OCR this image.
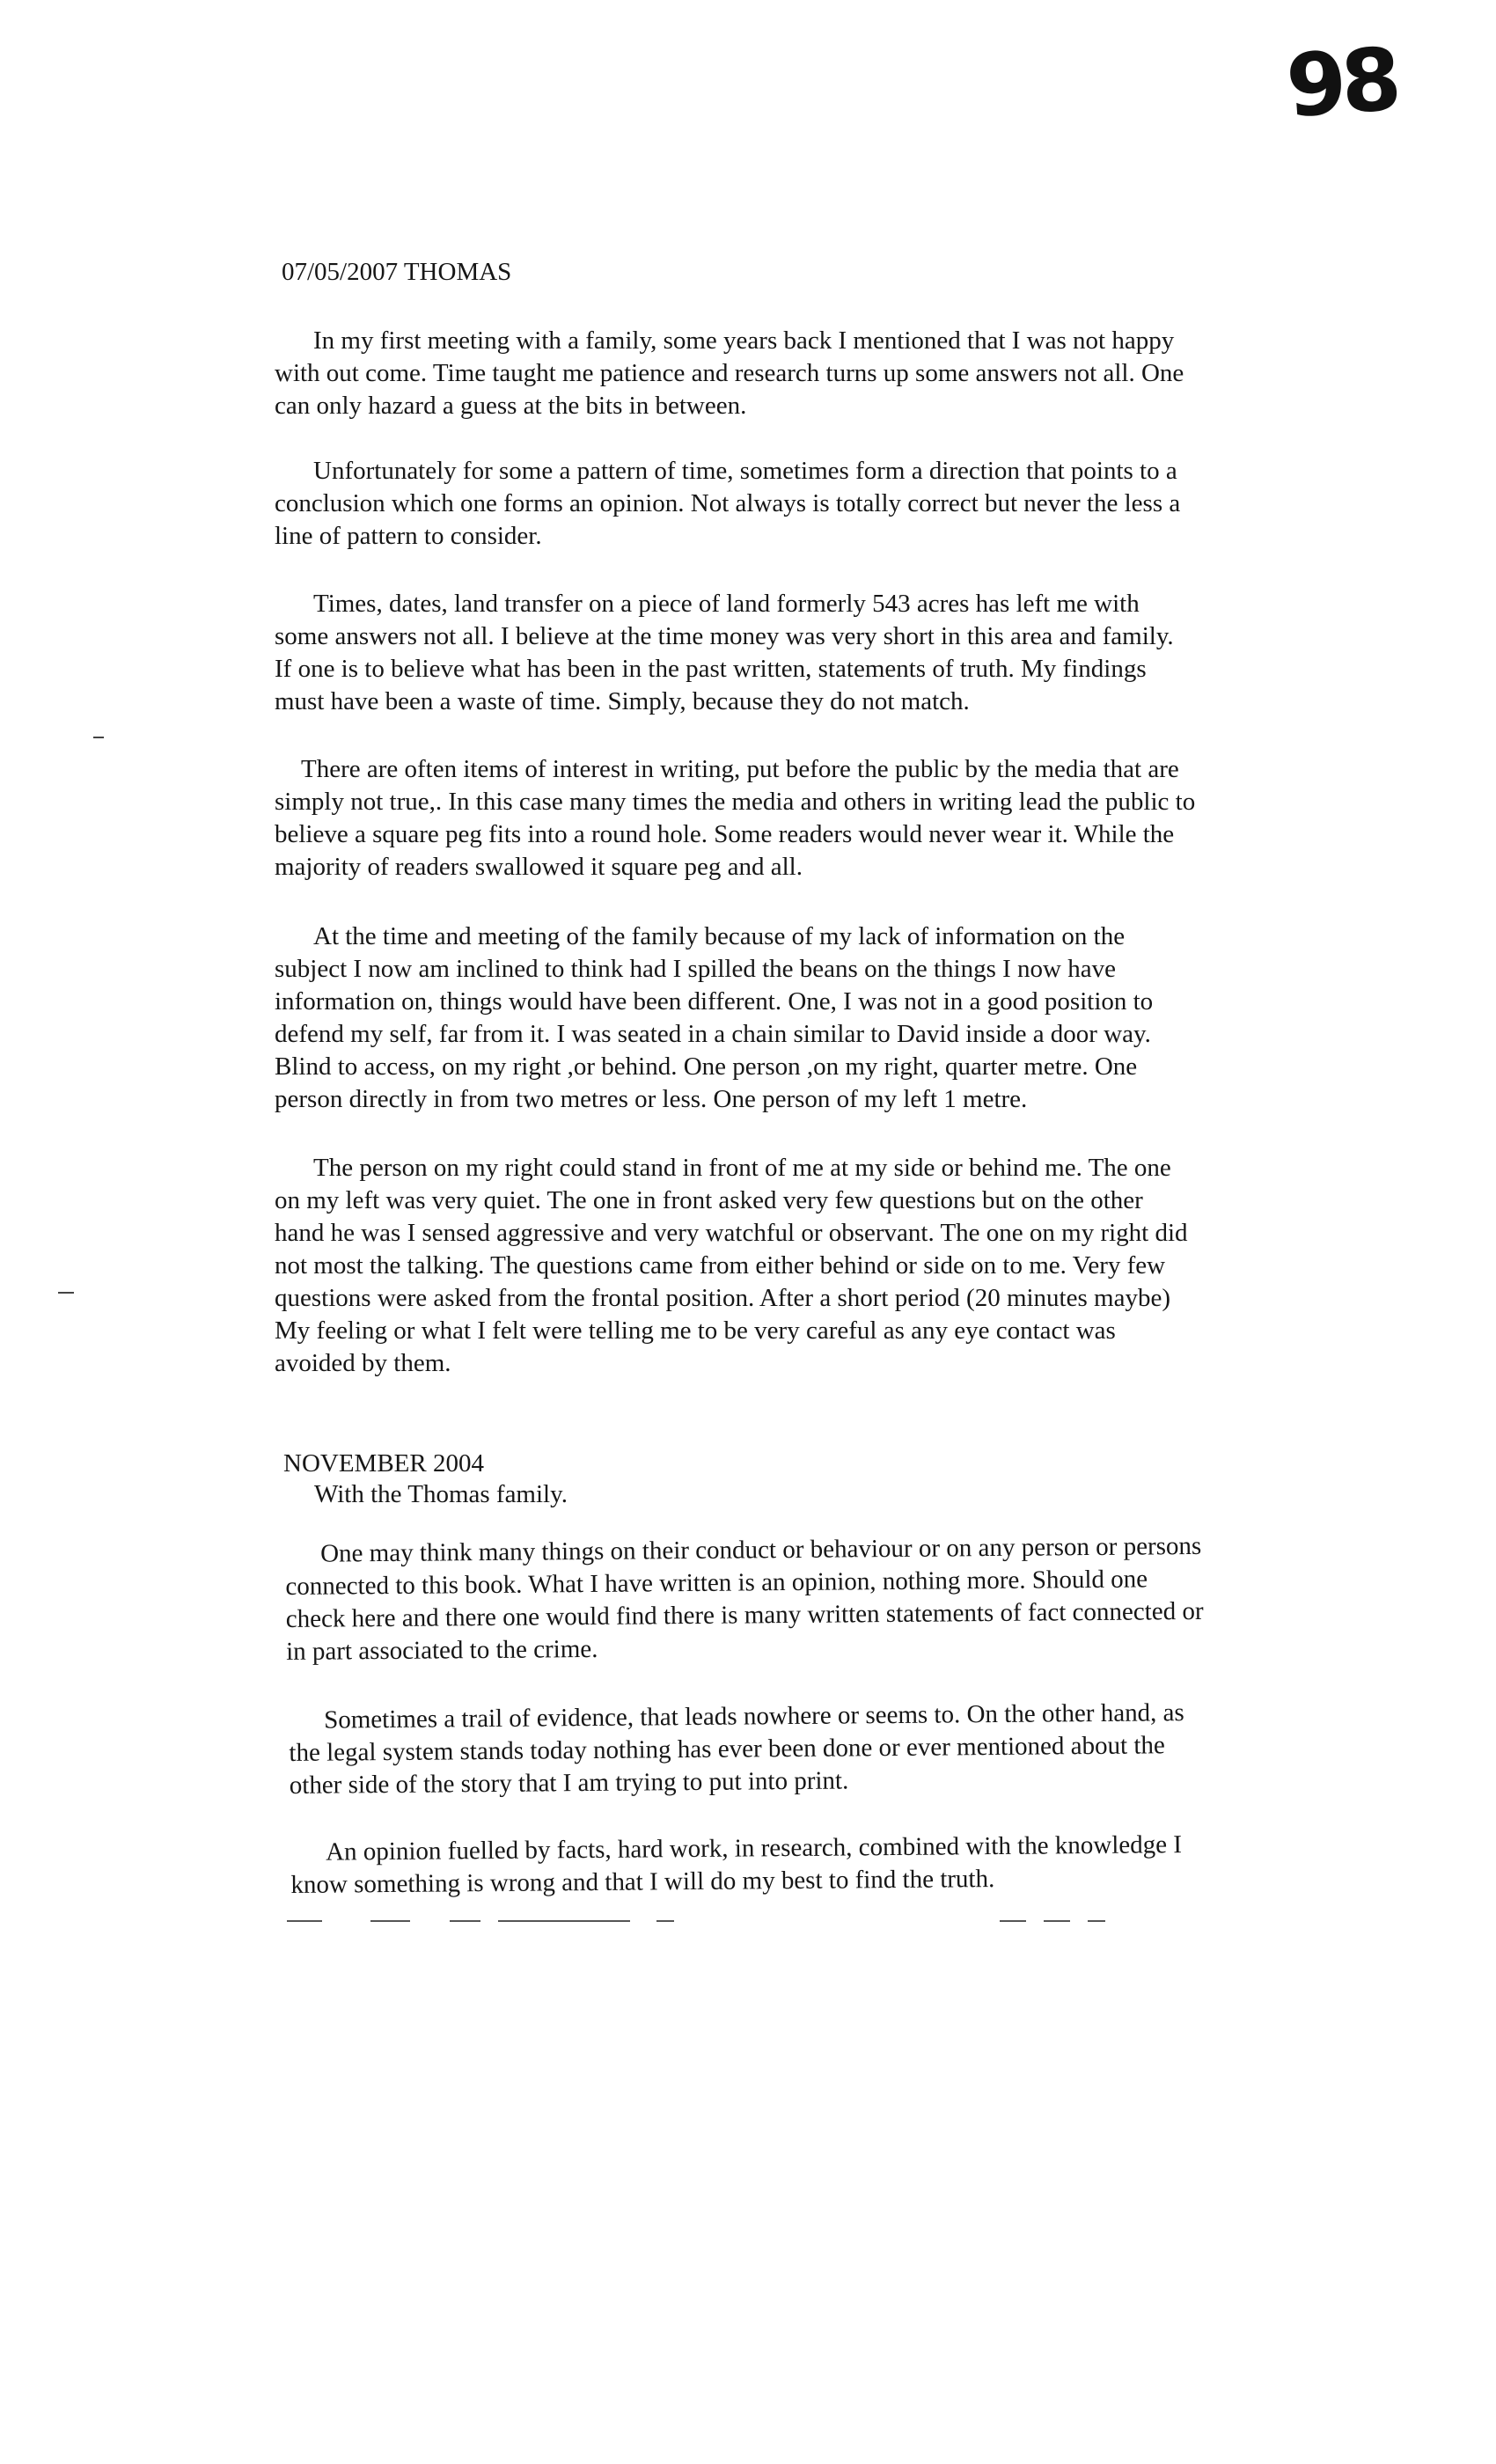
98
07/05/2007 THOMAS
In my first meeting with a family, some years back I mentioned that I was not happy
with out come. Time taught me patience and research turns up some answers not all. One
can only hazard a guess at the bits in between.
Unfortunately for some a pattern of time, sometimes form a direction that points to a
conclusion which one forms an opinion. Not always is totally correct but never the less a
line of pattern to consider.
Times, dates, land transfer on a piece of land formerly 543 acres has left me with
some answers not all. I believe at the time money was very short in this area and family.
If one is to believe what has been in the past written, statements of truth. My findings
must have been a waste of time. Simply, because they do not match.
There are often items of interest in writing, put before the public by the media that are
simply not true,. In this case many times the media and others in writing lead the public to
believe a square peg fits into a round hole. Some readers would never wear it. While the
majority of readers swallowed it square peg and all.
At the time and meeting of the family because of my lack of information on the
subject I now am inclined to think had I spilled the beans on the things I now have
information on, things would have been different. One, I was not in a good position to
defend my self, far from it. I was seated in a chain similar to David inside a door way.
Blind to access, on my right ,or behind. One person ,on my right, quarter metre. One
person directly in from two metres or less. One person of my left 1 metre.
The person on my right could stand in front of me at my side or behind me. The one
on my left was very quiet. The one in front asked very few questions but on the other
hand he was I sensed aggressive and very watchful or observant. The one on my right did
not most the talking. The questions came from either behind or side on to me. Very few
questions were asked from the frontal position. After a short period (20 minutes maybe)
My feeling or what I felt were telling me to be very careful as any eye contact was
avoided by them.
NOVEMBER 2004
With the Thomas family.
One may think many things on their conduct or behaviour or on any person or persons
connected to this book. What I have written is an opinion, nothing more. Should one
check here and there one would find there is many written statements of fact connected or
in part associated to the crime.
Sometimes a trail of evidence, that leads nowhere or seems to. On the other hand, as
the legal system stands today nothing has ever been done or ever mentioned about the
other side of the story that I am trying to put into print.
An opinion fuelled by facts, hard work, in research, combined with the knowledge I
know something is wrong and that I will do my best to find the truth.
